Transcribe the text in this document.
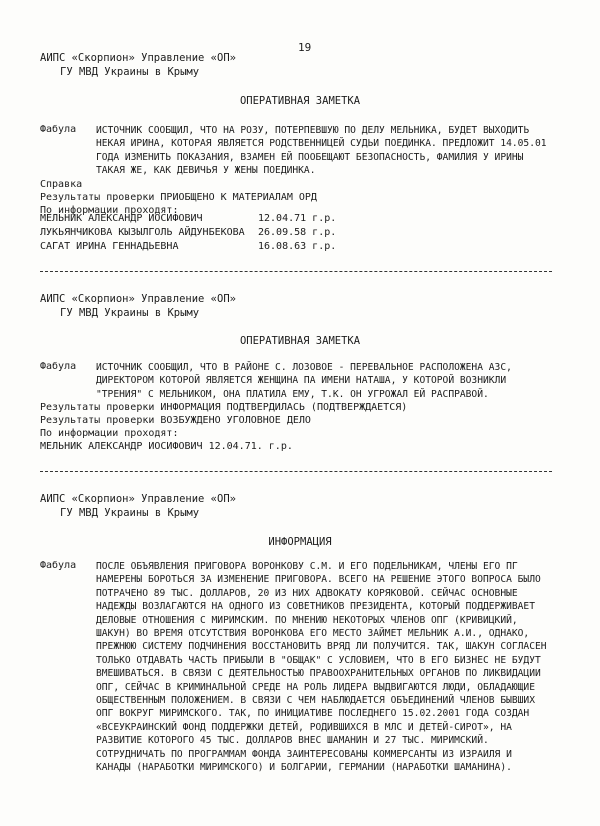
19
АИПС «Скорпион» Управление «ОП»
ГУ МВД Украины в Крыму
ОПЕРАТИВНАЯ ЗАМЕТКА
Фабула ИСТОЧНИК СООБЩИЛ, ЧТО НА РОЗУ, ПОТЕРПЕВШУЮ ПО ДЕЛУ МЕЛЬНИКА, БУДЕТ ВЫХОДИТЬ
НЕКАЯ ИРИНА, КОТОРАЯ ЯВЛЯЕТСЯ РОДСТВЕННИЦЕЙ СУДЬИ ПОЕДИНКА. ПРЕДЛОЖИТ 14.05.01
ГОДА ИЗМЕНИТЬ ПОКАЗАНИЯ, ВЗАМЕН ЕЙ ПООБЕЩАЮТ БЕЗОПАСНОСТЬ, ФАМИЛИЯ У ИРИНЫ
ТАКАЯ ЖЕ, КАК ДЕВИЧЬЯ У ЖЕНЫ ПОЕДИНКА.
Справка
Результаты проверки ПРИОБЩЕНО К МАТЕРИАЛАМ ОРД
По информации проходят:
МЕЛЬНИК АЛЕКСАНДР ИОСИФОВИЧ	12.04.71 г.р.
ЛУКЬЯНЧИКОВА КЫЗЫЛГОЛЬ АЙДУНБЕКОВА	26.09.58 г.р.
САГАТ ИРИНА ГЕННАДЬЕВНА	16.08.63 г.р.
АИПС «Скорпион» Управление «ОП»
ГУ МВД Украины в Крыму
ОПЕРАТИВНАЯ ЗАМЕТКА
Фабула ИСТОЧНИК СООБЩИЛ, ЧТО В РАЙОНЕ С. ЛОЗОВОЕ - ПЕРЕВАЛЬНОЕ РАСПОЛОЖЕНА АЗС,
ДИРЕКТОРОМ КОТОРОЙ ЯВЛЯЕТСЯ ЖЕНЩИНА ПА ИМЕНИ НАТАША, У КОТОРОЙ ВОЗНИКЛИ
"ТРЕНИЯ" С МЕЛЬНИКОМ, ОНА ПЛАТИЛА ЕМУ, Т.К. ОН УГРОЖАЛ ЕЙ РАСПРАВОЙ.
Результаты проверки ИНФОРМАЦИЯ ПОДТВЕРДИЛАСЬ (ПОДТВЕРЖДАЕТСЯ)
Результаты проверки ВОЗБУЖДЕНО УГОЛОВНОЕ ДЕЛО
По информации проходят:
МЕЛЬНИК АЛЕКСАНДР ИОСИФОВИЧ 12.04.71. г.р.
АИПС «Скорпион» Управление «ОП»
ГУ МВД Украины в Крыму
ИНФОРМАЦИЯ
Фабула ПОСЛЕ ОБЪЯВЛЕНИЯ ПРИГОВОРА ВОРОНКОВУ С.М. И ЕГО ПОДЕЛЬНИКАМ, ЧЛЕНЫ ЕГО ПГ
НАМЕРЕНЫ БОРОТЬСЯ ЗА ИЗМЕНЕНИЕ ПРИГОВОРА. ВСЕГО НА РЕШЕНИЕ ЭТОГО ВОПРОСА БЫЛО
ПОТРАЧЕНО 89 ТЫС. ДОЛЛАРОВ, 20 ИЗ НИХ АДВОКАТУ КОРЯКОВОЙ. СЕЙЧАС ОСНОВНЫЕ
НАДЕЖДЫ ВОЗЛАГАЮТСЯ НА ОДНОГО ИЗ СОВЕТНИКОВ ПРЕЗИДЕНТА, КОТОРЫЙ ПОДДЕРЖИВАЕТ
ДЕЛОВЫЕ ОТНОШЕНИЯ С МИРИМСКИМ. ПО МНЕНИЮ НЕКОТОРЫХ ЧЛЕНОВ ОПГ (КРИВИЦКИЙ,
ШАКУН) ВО ВРЕМЯ ОТСУТСТВИЯ ВОРОНКОВА ЕГО МЕСТО ЗАЙМЕТ МЕЛЬНИК А.И., ОДНАКО,
ПРЕЖНЮЮ СИСТЕМУ ПОДЧИНЕНИЯ ВОССТАНОВИТЬ ВРЯД ЛИ ПОЛУЧИТСЯ. ТАК, ШАКУН СОГЛАСЕН
ТОЛЬКО ОТДАВАТЬ ЧАСТЬ ПРИБЫЛИ В "ОБЩАК" С УСЛОВИЕМ, ЧТО В ЕГО БИЗНЕС НЕ БУДУТ
ВМЕШИВАТЬСЯ. В СВЯЗИ С ДЕЯТЕЛЬНОСТЬЮ ПРАВООХРАНИТЕЛЬНЫХ ОРГАНОВ ПО ЛИКВИДАЦИИ
ОПГ, СЕЙЧАС В КРИМИНАЛЬНОЙ СРЕДЕ НА РОЛЬ ЛИДЕРА ВЫДВИГАЮТСЯ ЛЮДИ, ОБЛАДАЮЩИЕ
ОБЩЕСТВЕННЫМ ПОЛОЖЕНИЕМ. В СВЯЗИ С ЧЕМ НАБЛЮДАЕТСЯ ОБЪЕДИНЕНИЙ ЧЛЕНОВ БЫВШИХ
ОПГ ВОКРУГ МИРИМСКОГО. ТАК, ПО ИНИЦИАТИВЕ ПОСЛЕДНЕГО 15.02.2001 ГОДА СОЗДАН
«ВСЕУКРАИНСКИЙ ФОНД ПОДДЕРЖКИ ДЕТЕЙ, РОДИВШИХСЯ В МЛС И ДЕТЕЙ-СИРОТ», НА
РАЗВИТИЕ КОТОРОГО 45 ТЫС. ДОЛЛАРОВ ВНЕС ШАМАНИН И 27 ТЫС. МИРИМСКИЙ.
СОТРУДНИЧАТЬ ПО ПРОГРАММАМ ФОНДА ЗАИНТЕРЕСОВАНЫ КОММЕРСАНТЫ ИЗ ИЗРАИЛЯ И
КАНАДЫ (НАРАБОТКИ МИРИМСКОГО) И БОЛГАРИИ, ГЕРМАНИИ (НАРАБОТКИ ШАМАНИНА).
